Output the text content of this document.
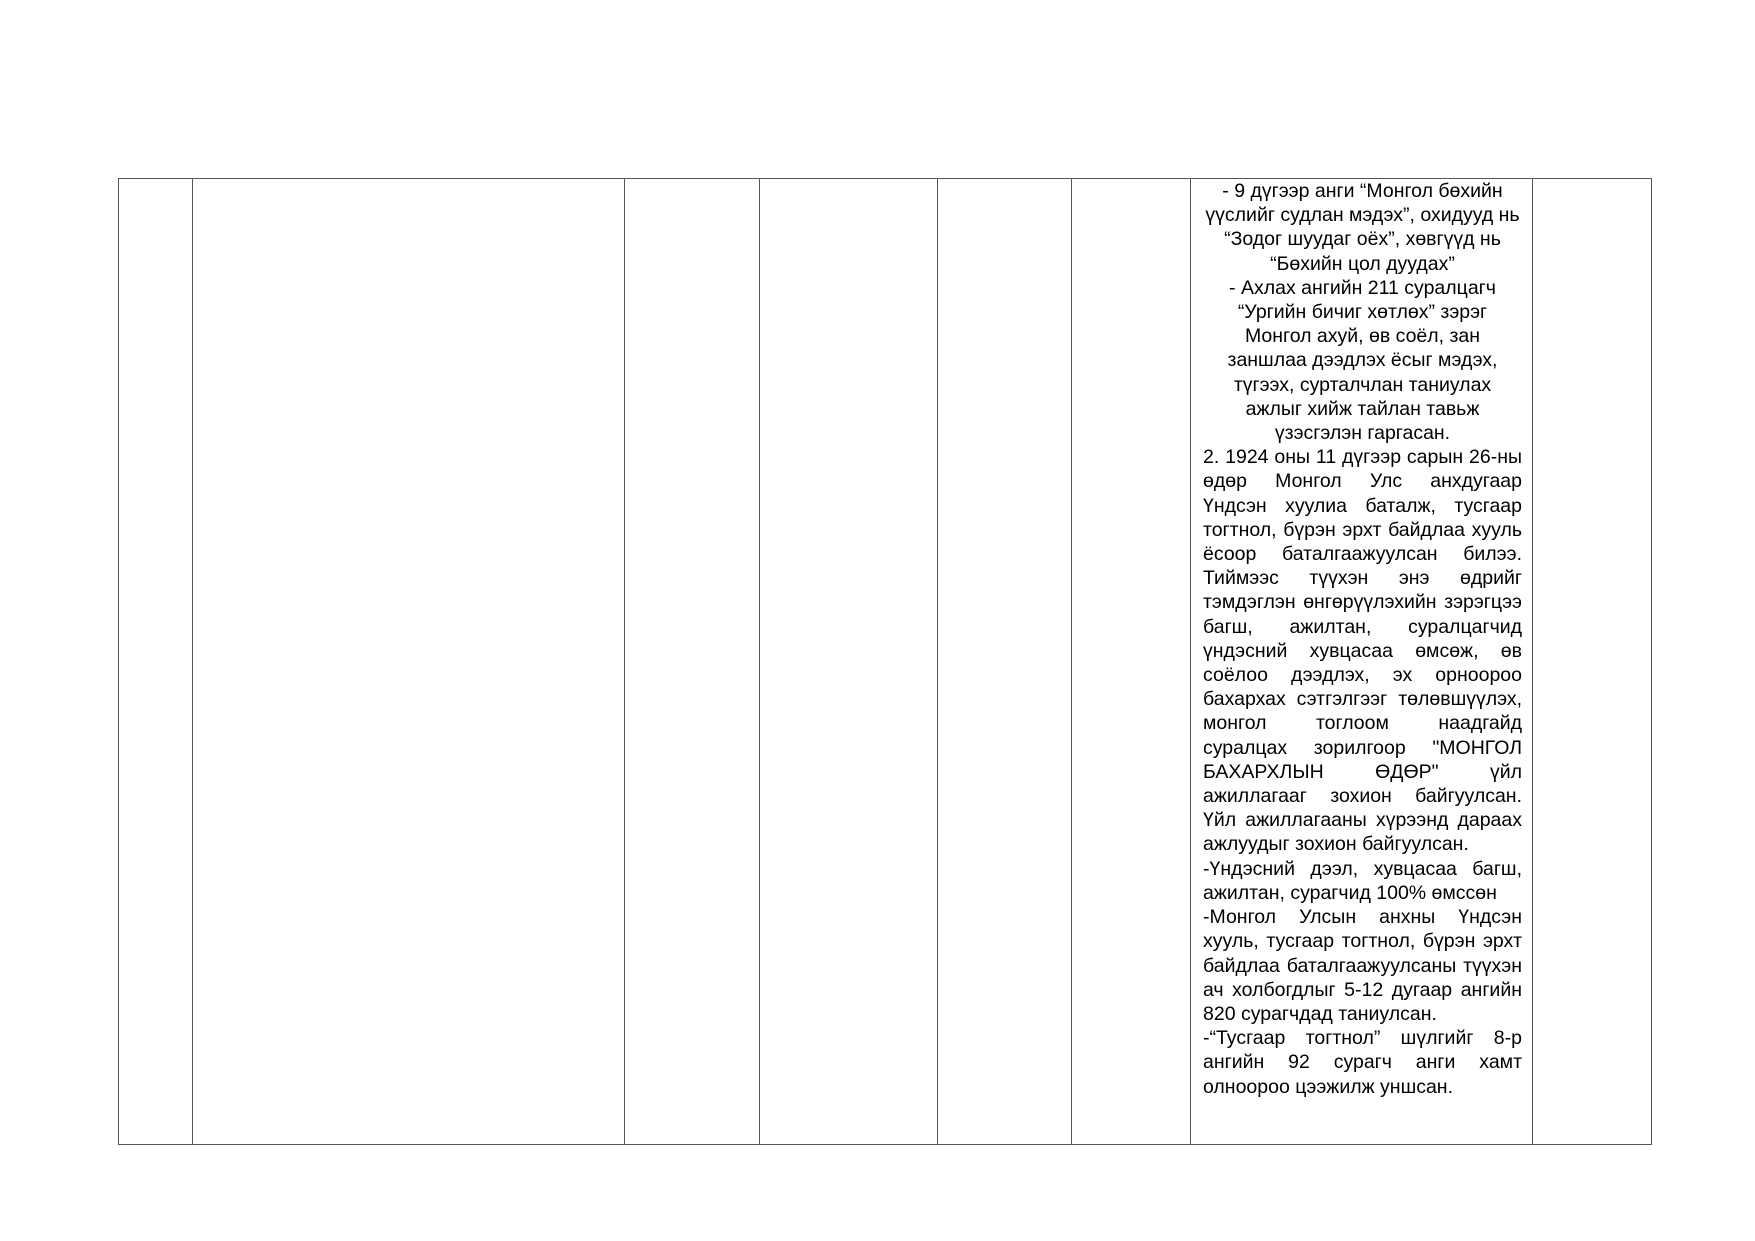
- 9 дүгээр анги “Монгол бөхийн үүслийг судлан мэдэх”, охидууд нь “Зодог шуудаг оёх”, хөвгүүд нь “Бөхийн цол дуудах”

- Ахлах ангийн 211 суралцагч “Ургийн бичиг хөтлөх” зэрэг Монгол ахуй, өв соёл, зан заншлаа дээдлэх ёсыг мэдэх, түгээх, сурталчлан таниулах ажлыг хийж тайлан тавьж үзэсгэлэн гаргасан.

2. 1924 оны 11 дүгээр сарын 26-ны өдөр Монгол Улс анхдугаар Үндсэн хуулиа баталж, тусгаар тогтнол, бүрэн эрхт байдлаа хууль ёсоор баталгаажуулсан билээ. Тиймээс түүхэн энэ өдрийг тэмдэглэн өнгөрүүлэхийн зэрэгцээ багш, ажилтан, суралцагчид үндэсний хувцасаа өмсөж, өв соёлоо дээдлэх, эх орноороо бахархах сэтгэлгээг төлөвшүүлэх, монгол тоглоом наадгайд суралцах зорилгоор "МОНГОЛ БАХАРХЛЫН ӨДӨР" үйл ажиллагааг зохион байгуулсан. Үйл ажиллагааны хүрээнд дараах ажлуудыг зохион байгуулсан.

-Үндэсний дээл, хувцасаа багш, ажилтан, сурагчид 100% өмссөн

-Монгол Улсын анхны Үндсэн хууль, тусгаар тогтнол, бүрэн эрхт байдлаа баталгаажуулсаны түүхэн ач холбогдлыг 5-12 дугаар ангийн 820 сурагчдад таниулсан.

-“Тусгаар тогтнол” шүлгийг 8-р ангийн 92 сурагч анги хамт олноороо цээжилж уншсан.
